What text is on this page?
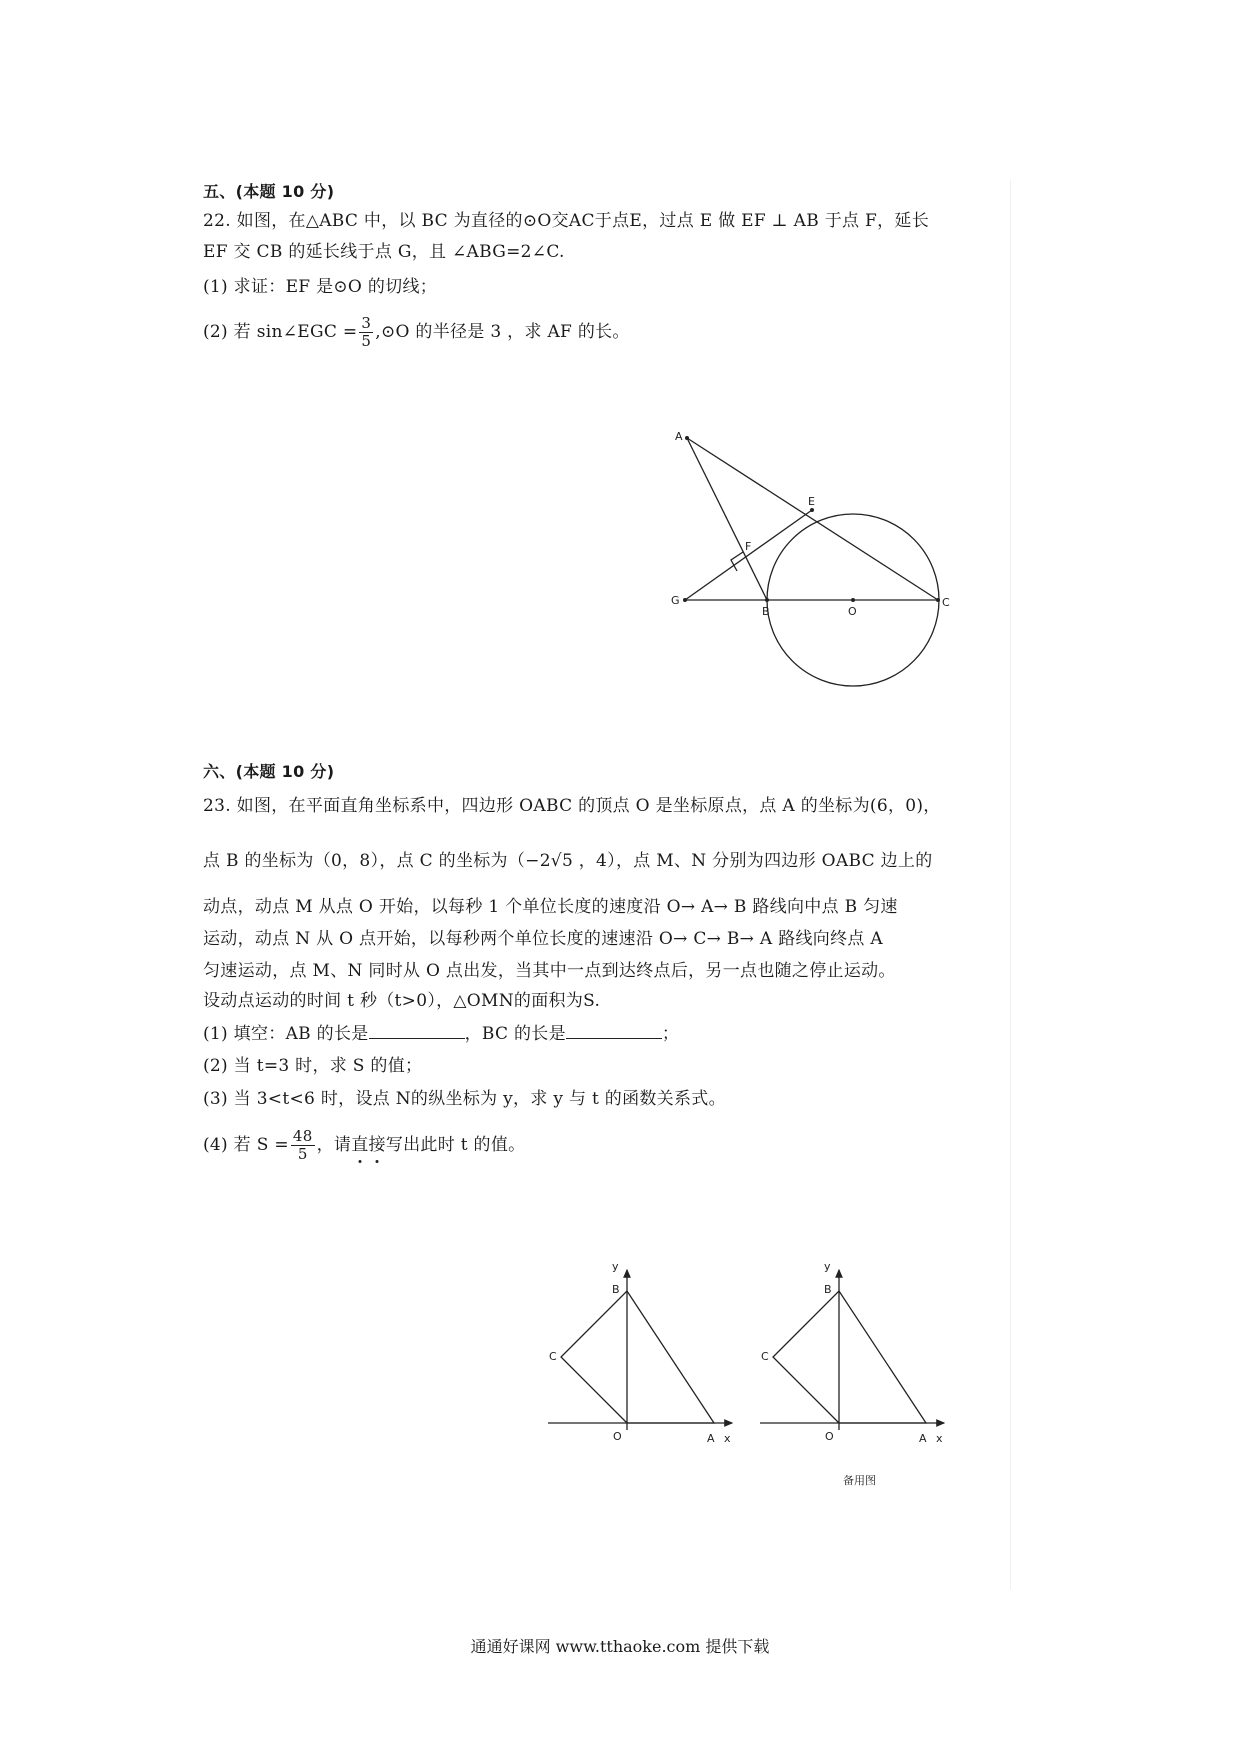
五、(本题 10 分)
22. 如图，在△ABC 中，以 BC 为直径的⊙O交AC于点E，过点 E 做 EF ⊥ AB 于点 F，延长
EF 交 CB 的延长线于点 G，且 ∠ABG=2∠C.
(1) 求证：EF 是⊙O 的切线；
(2) 若 sin∠EGC = $\frac{3}{5}$ ,⊙O 的半径是 3 ，求 AF 的长。
A
E
F
G
B	O
C
六、(本题 10 分)
23. 如图，在平面直角坐标系中，四边形 OABC 的顶点 O 是坐标原点，点 A 的坐标为(6，0)，
点 B 的坐标为（0，8），点 C 的坐标为（−2√5 ，4），点 M、N 分别为四边形 OABC 边上的
动点，动点 M 从点 O 开始，以每秒 1 个单位长度的速度沿 O→ A→ B 路线向中点 B 匀速
运动，动点 N 从 O 点开始，以每秒两个单位长度的速速沿 O→ C→ B→ A 路线向终点 A
匀速运动，点 M、N 同时从 O 点出发，当其中一点到达终点后，另一点也随之停止运动。
设动点运动的时间 t 秒（t>0），△OMN的面积为S.
(1) 填空：AB 的长是	，BC 的长是	；
(2) 当 t=3 时，求 S 的值；
(3) 当 3<t<6 时，设点 N的纵坐标为 y，求 y 与 t 的函数关系式。
(4) 若 $S = \frac{48}{5}$ ，请直接写出此时 t 的值。
y
B
C
O	A x
y
B
C
O	A x
备用图
通通好课网 www.tthaoke.com 提供下载
